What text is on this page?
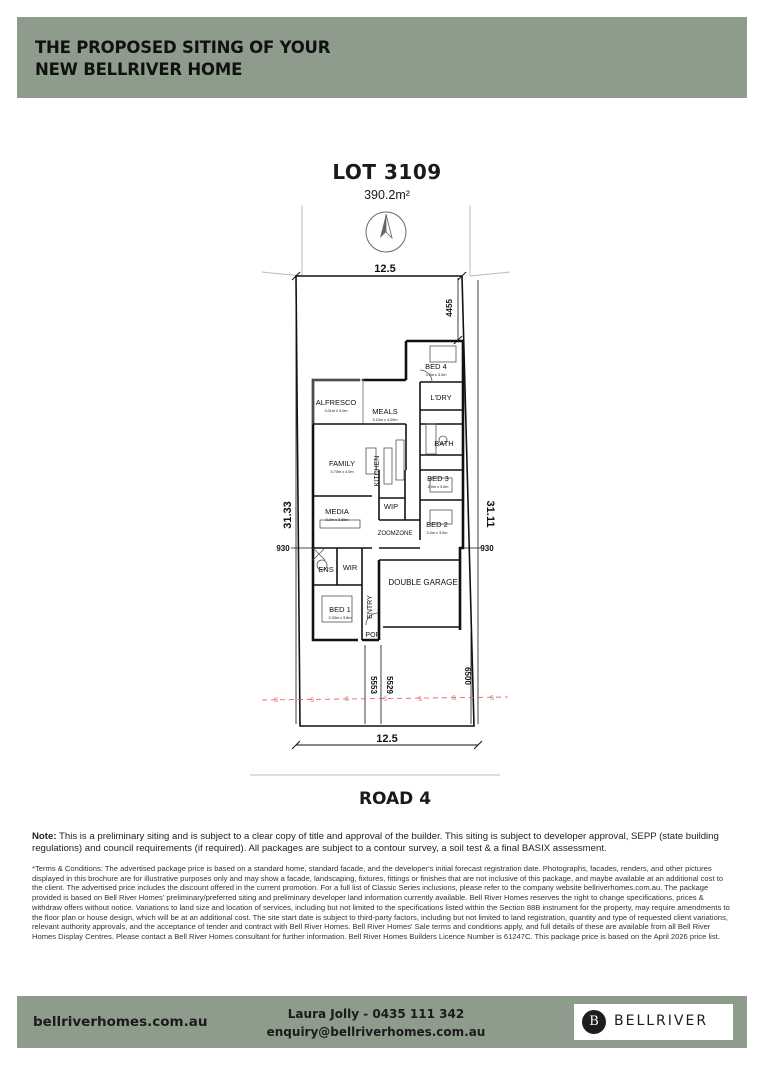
THE PROPOSED SITING OF YOUR
NEW BELLRIVER HOME
LOT 3109
390.2m²
12.5
12.5
31.33	31.11
4455
930	930
5553 5529
6500
ALFRESCO
3.01m x 3.0m	MEALS
3.10m x 4.20m
FAMILY
3.70m x 4.0m	KITCHEN
MEDIA
3.2m x 3.65m
BED 4
3.0m x 3.0m
L'DRY
BATH
BED 3
3.0m x 3.0m
BED 2
3.0m x 3.0m
WIP
ZOOMZONE
ENS WIR
DOUBLE GARAGE
BED 1
3.33m x 3.8m ENTRY
POR
S	S	S	S	S	S	S
ROAD 4
Note: This is a preliminary siting and is subject to a clear copy of title and approval of the builder. This siting is subject to developer approval, SEPP (state building regulations) and council requirements (if required). All packages are subject to a contour survey, a soil test & a final BASIX assessment.
*Terms & Conditions: The advertised package price is based on a standard home, standard facade, and the developer's initial forecast registration date. Photographs, facades, renders, and other pictures displayed in this brochure are for illustrative purposes only and may show a facade, landscaping, fixtures, fittings or finishes that are not inclusive of this package, and maybe available at an additional cost to the client. The advertised price includes the discount offered in the current promotion. For a full list of Classic Series inclusions, please refer to the company website bellriverhomes.com.au. The package provided is based on Bell River Homes' preliminary/preferred siting and preliminary developer land information currently available. Bell River Homes reserves the right to change specifications, prices & withdraw offers without notice. Variations to land size and location of services, including but not limited to the specifications listed within the Section 88B instrument for the property, may require amendments to the floor plan or house design, which will be at an additional cost. The site start date is subject to third-party factors, including but not limited to land registration, quantity and type of requested client variations, relevant authority approvals, and the acceptance of tender and contract with Bell River Homes. Bell River Homes' Sale terms and conditions apply, and full details of these are available from all Bell River Homes Display Centres. Please contact a Bell River Homes consultant for further information. Bell River Homes Builders Licence Number is 61247C. This package price is based on the April 2026 price list.
bellriverhomes.com.au	Laura Jolly - 0435 111 342
enquiry@bellriverhomes.com.au
B	BELLRIVER
